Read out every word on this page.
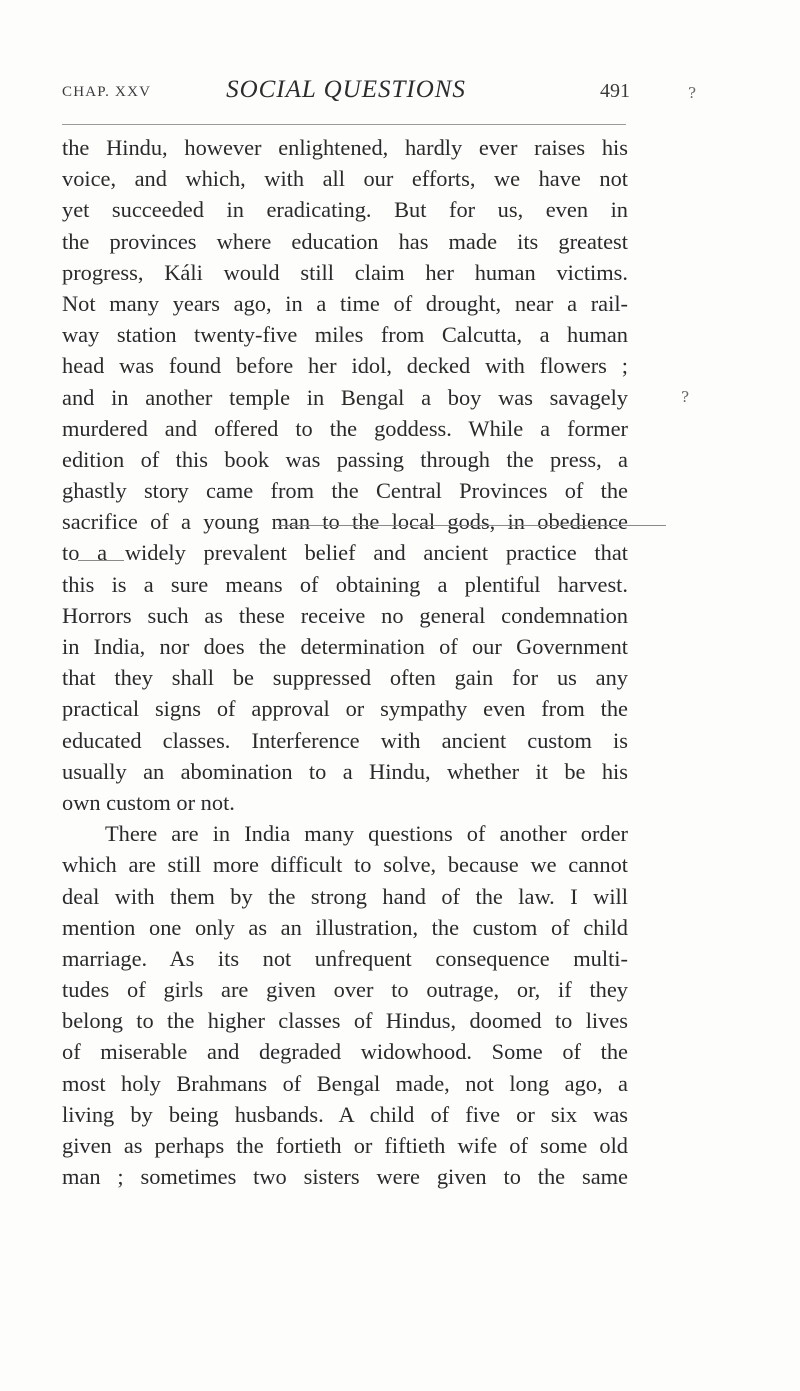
CHAP. XXV	SOCIAL QUESTIONS	491
the Hindu, however enlightened, hardly ever raises his
voice, and which, with all our efforts, we have not
yet succeeded in eradicating. But for us, even in
the provinces where education has made its greatest
progress, Káli would still claim her human victims.
Not many years ago, in a time of drought, near a rail-
way station twenty-five miles from Calcutta, a human
head was found before her idol, decked with flowers ;
and in another temple in Bengal a boy was savagely
murdered and offered to the goddess. While a former
edition of this book was passing through the press, a
ghastly story came from the Central Provinces of the
sacrifice of a young man to the local gods, in obedience
to a widely prevalent belief and ancient practice that
this is a sure means of obtaining a plentiful harvest.
Horrors such as these receive no general condemnation
in India, nor does the determination of our Government
that they shall be suppressed often gain for us any
practical signs of approval or sympathy even from the
educated classes. Interference with ancient custom is
usually an abomination to a Hindu, whether it be his
own custom or not.
There are in India many questions of another order
which are still more difficult to solve, because we cannot
deal with them by the strong hand of the law. I will
mention one only as an illustration, the custom of child
marriage. As its not unfrequent consequence multi-
tudes of girls are given over to outrage, or, if they
belong to the higher classes of Hindus, doomed to lives
of miserable and degraded widowhood. Some of the
most holy Brahmans of Bengal made, not long ago, a
living by being husbands. A child of five or six was
given as perhaps the fortieth or fiftieth wife of some old
man ; sometimes two sisters were given to the same
?
?
